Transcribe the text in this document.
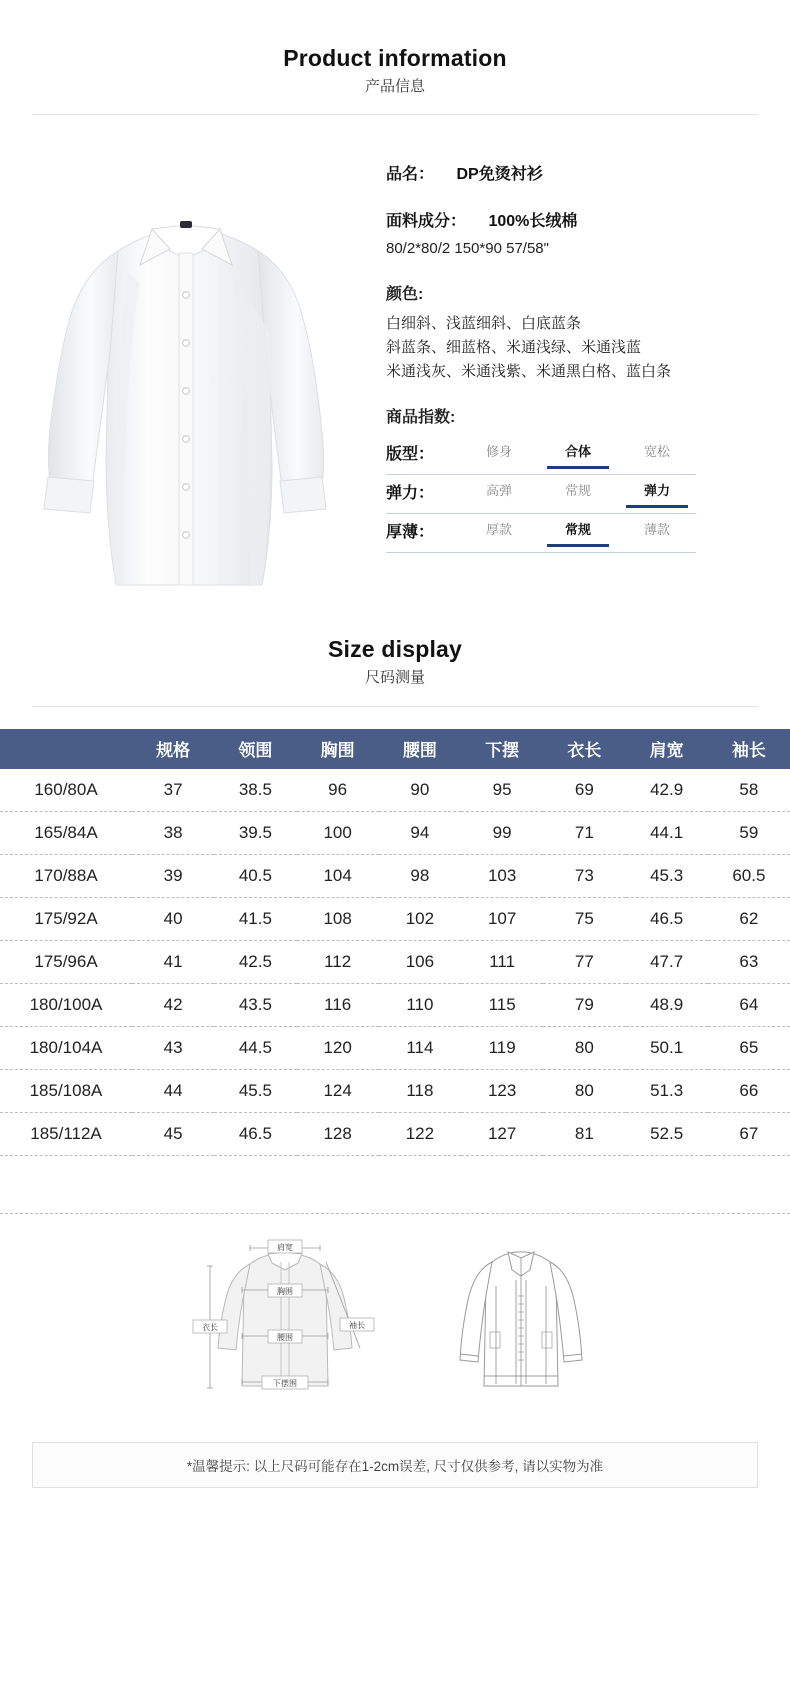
Product information
产品信息
品名： DP免烫衬衫
面料成分： 100%长绒棉
80/2*80/2 150*90 57/58"
颜色:
白细斜、浅蓝细斜、白底蓝条
斜蓝条、细蓝格、米通浅绿、米通浅蓝
米通浅灰、米通浅紫、米通黑白格、蓝白条
商品指数:
版型：	修身	合体	宽松
弹力：	高弹	常规	弹力
厚薄：	厚款	常规	薄款
Size display
尺码测量
	规格	领围	胸围	腰围	下摆	衣长	肩宽	袖长
160/80A	37	38.5	96	90	95	69	42.9	58
165/84A	38	39.5	100	94	99	71	44.1	59
170/88A	39	40.5	104	98	103	73	45.3	60.5
175/92A	40	41.5	108	102	107	75	46.5	62
175/96A	41	42.5	112	106	111	77	47.7	63
180/100A	42	43.5	116	110	115	79	48.9	64
180/104A	43	44.5	120	114	119	80	50.1	65
185/108A	44	45.5	124	118	123	80	51.3	66
185/112A	45	46.5	128	122	127	81	52.5	67
肩宽
胸围
腰围
下摆围
衣长	袖长
*温馨提示: 以上尺码可能存在1-2cm误差, 尺寸仅供参考, 请以实物为准
